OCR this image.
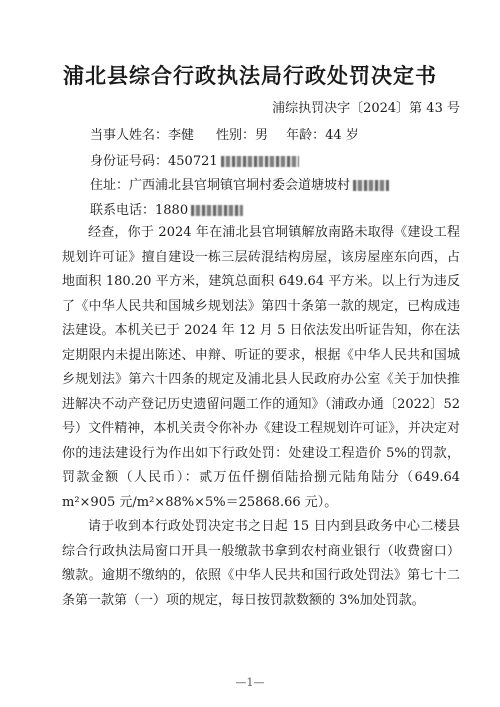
浦北县综合行政执法局行政处罚决定书
浦综执罚决字〔2024〕第 43 号
当事人姓名：李健 性别：男 年龄：44 岁
身份证号码：450721
住址：广西浦北县官垌镇官垌村委会道塘坡村
联系电话：1880

经查，你于 2024 年在浦北县官垌镇解放南路未取得《建设工程规划许可证》擅自建设一栋三层砖混结构房屋，该房屋座东向西，占地面积 180.20 平方米，建筑总面积 649.64 平方米。以上行为违反了《中华人民共和国城乡规划法》第四十条第一款的规定，已构成违法建设。本机关已于 2024 年 12 月 5 日依法发出听证告知，你在法定期限内未提出陈述、申辩、听证的要求，根据《中华人民共和国城乡规划法》第六十四条的规定及浦北县人民政府办公室《关于加快推进解决不动产登记历史遗留问题工作的通知》（浦政办通〔2022〕52 号）文件精神，本机关责令你补办《建设工程规划许可证》，并决定对你的违法建设行为作出如下行政处罚：处建设工程造价 5%的罚款，罚款金额（人民币）：贰万伍仟捌佰陆拾捌元陆角陆分（649.64 m²×905 元/m²×88%×5%＝25868.66 元）。

请于收到本行政处罚决定书之日起 15 日内到县政务中心二楼县综合行政执法局窗口开具一般缴款书拿到农村商业银行（收费窗口）缴款。逾期不缴纳的，依照《中华人民共和国行政处罚法》第七十二条第一款第（一）项的规定，每日按罚款数额的 3%加处罚款。

—1—
